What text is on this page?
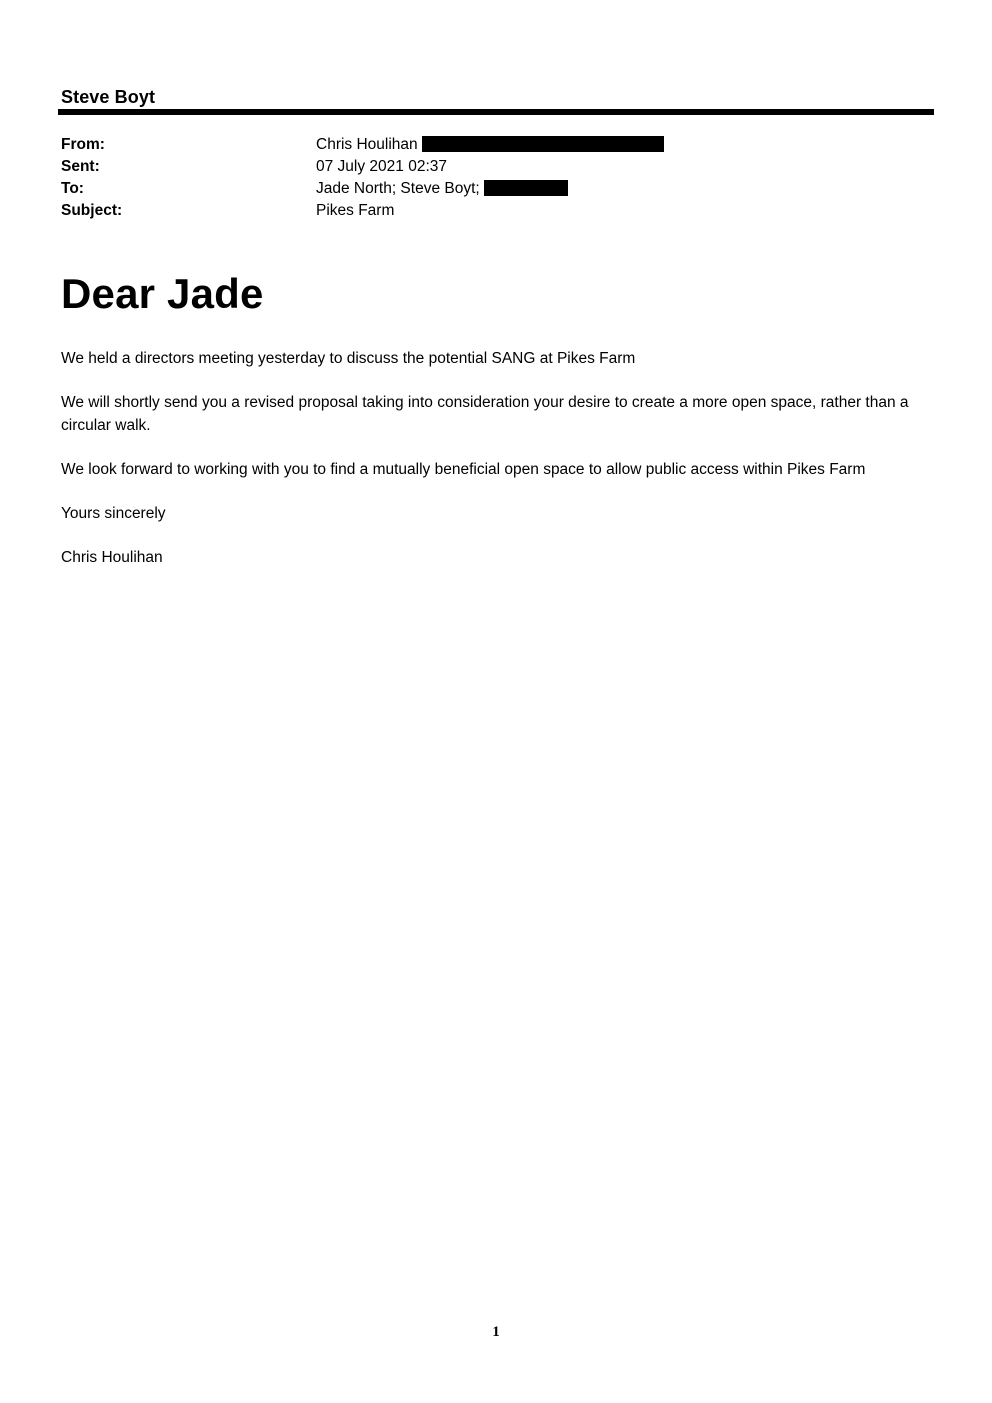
Steve Boyt
From:	Chris Houlihan
Sent:	07 July 2021 02:37
To:	Jade North; Steve Boyt;
Subject:	Pikes Farm
Dear Jade

We held a directors meeting yesterday to discuss the potential SANG at Pikes Farm

We will shortly send you a revised proposal taking into consideration your desire to create a more open space, rather than a circular walk.

We look forward to working with you to find a mutually beneficial open space to allow public access within Pikes Farm

Yours sincerely

Chris Houlihan

1
